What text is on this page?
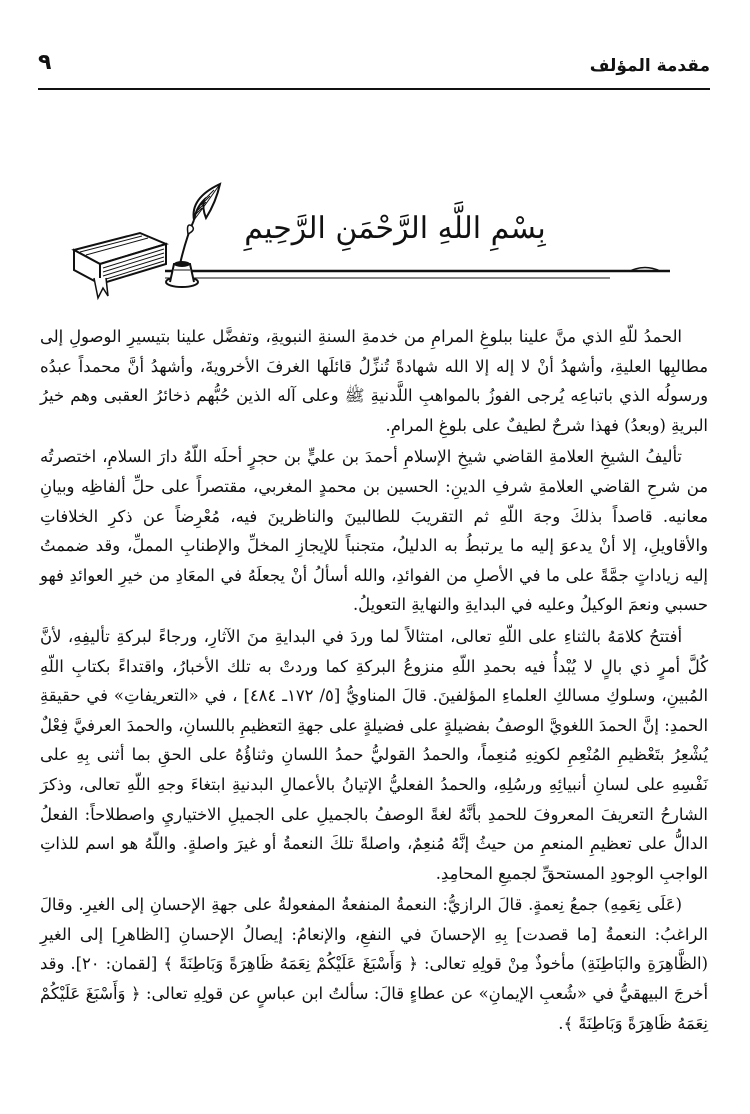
مقدمة المؤلف
٩
بِسْمِ اللَّهِ الرَّحْمَنِ الرَّحِيمِ

الحمدُ للّهِ الذي منَّ علينا ببلوغِ المرامِ من خدمةِ السنةِ النبويةِ، وتفضَّل علينا بتيسيرِ الوصولِ إلى مطالبِها العليةِ، وأشهدُ أنْ لا إله إلا الله شهادةً تُنزِّلُ قائلَها الغرفَ الأخرويةَ، وأشهدُ أنَّ محمداً عبدُه ورسولُه الذي باتباعِه يُرجى الفوزُ بالمواهبِ اللَّدنيةِ ﷺ وعلى آله الذين حُبُّهم ذخائرُ العقبى وهم خيرُ البريةِ (وبعدُ) فهذا شرحٌ لطيفٌ على بلوغِ المرامِ.

تأليفُ الشيخِ العلامةِ القاضي شيخِ الإسلامِ أحمدَ بن عليٍّ بن حجرٍ أحلَه اللّهُ دارَ السلامِ، اختصرتُه من شرحِ القاضي العلامةِ شرفِ الدينِ: الحسين بن محمدٍ المغربي، مقتصراً على حلِّ ألفاظِه وبيانِ معانيه. قاصداً بذلكَ وجهَ اللّهِ ثم التقريبَ للطالبينَ والناظرينَ فيه، مُعْرِضاً عن ذكرِ الخلافاتِ والأقاويلِ، إلا أنْ يدعوَ إليه ما يرتبطُ به الدليلُ، متجنباً للإيجازِ المخلِّ والإطنابِ المملِّ، وقد ضممتُ إليه زياداتٍ جمَّةً على ما في الأصلِ من الفوائدِ، والله أسألُ أنْ يجعلَهُ في المعَادِ من خيرِ العوائدِ فهو حسبي ونعمَ الوكيلُ وعليه في البدايةِ والنهايةِ التعويلُ.

أفتتحُ كلامَهُ بالثناءِ على اللّهِ تعالى، امتثالاً لما وردَ في البدايةِ منَ الآثارِ، ورجاءً لبركةِ تأليفِهِ، لأنَّ كُلَّ أمرٍ ذي بالٍ لا يُبْدأُ فيه بحمدِ اللّهِ منزوعُ البركةِ كما وردتْ به تلك الأخبارُ، واقتداءً بكتابِ اللّهِ المُبينِ، وسلوكِ مسالكِ العلماءِ المؤلفينَ. قالَ المناويُّ [٥/ ١٧٢ـ ٤٨٤] ، في «التعريفاتِ» في حقيقةِ الحمدِ: إنَّ الحمدَ اللغويَّ الوصفُ بفضيلةٍ على فضيلةٍ على جهةِ التعظيمِ باللسانِ، والحمدَ العرفيَّ فِعْلٌ يُشْعِرُ بتَعْظيمِ المُنْعِمِ لكونِهِ مُنعِماً، والحمدُ القوليُّ حمدُ اللسانِ وثناؤُهُ على الحقِ بما أثنى بِهِ على نَفْسِهِ على لسانِ أنبيائِهِ ورسُلِهِ، والحمدُ الفعليُّ الإتيانُ بالأعمالِ البدنيةِ ابتغاءَ وجهِ اللّهِ تعالى، وذكرَ الشارحُ التعريفَ المعروفَ للحمدِ بأنَّهُ لغةً الوصفُ بالجميلِ على الجميلِ الاختياريِ واصطلاحاً: الفعلُ الدالُّ على تعظيمِ المنعمِ من حيثُ إنَّهُ مُنعِمٌ، واصلةً تلكَ النعمةُ أو غيرَ واصلةٍ. واللّهُ هو اسم للذاتِ الواجبِ الوجودِ المستحقِّ لجميعِ المحامِدِ.

(عَلَى نِعَمِهِ) جمعُ نِعمةٍ. قالَ الرازيُّ: النعمةُ المنفعةُ المفعولةُ على جهةِ الإحسانِ إلى الغيرِ. وقالَ الراغبُ: النعمةُ [ما قصدت] بِهِ الإحسانَ في النفعِ، والإنعامُ: إيصالُ الإحسانِ [الظاهرِ] إلى الغيرِ (الظَّاهِرَةِ والبَاطِنَةِ) مأخوذٌ مِنْ قولِهِ تعالى: ﴿ وَأَسْبَغَ عَلَيْكُمْ نِعَمَهُ ظَاهِرَةً وَبَاطِنَةً ﴾ [لقمان: ٢٠]. وقد أخرجَ البيهقيُّ في «شُعبِ الإيمانِ» عن عطاءٍ قالَ: سألتُ ابن عباسٍ عن قولِهِ تعالى: ﴿ وَأَسْبَغَ عَلَيْكُمْ نِعَمَهُ ظَاهِرَةً وَبَاطِنَةً ﴾.
